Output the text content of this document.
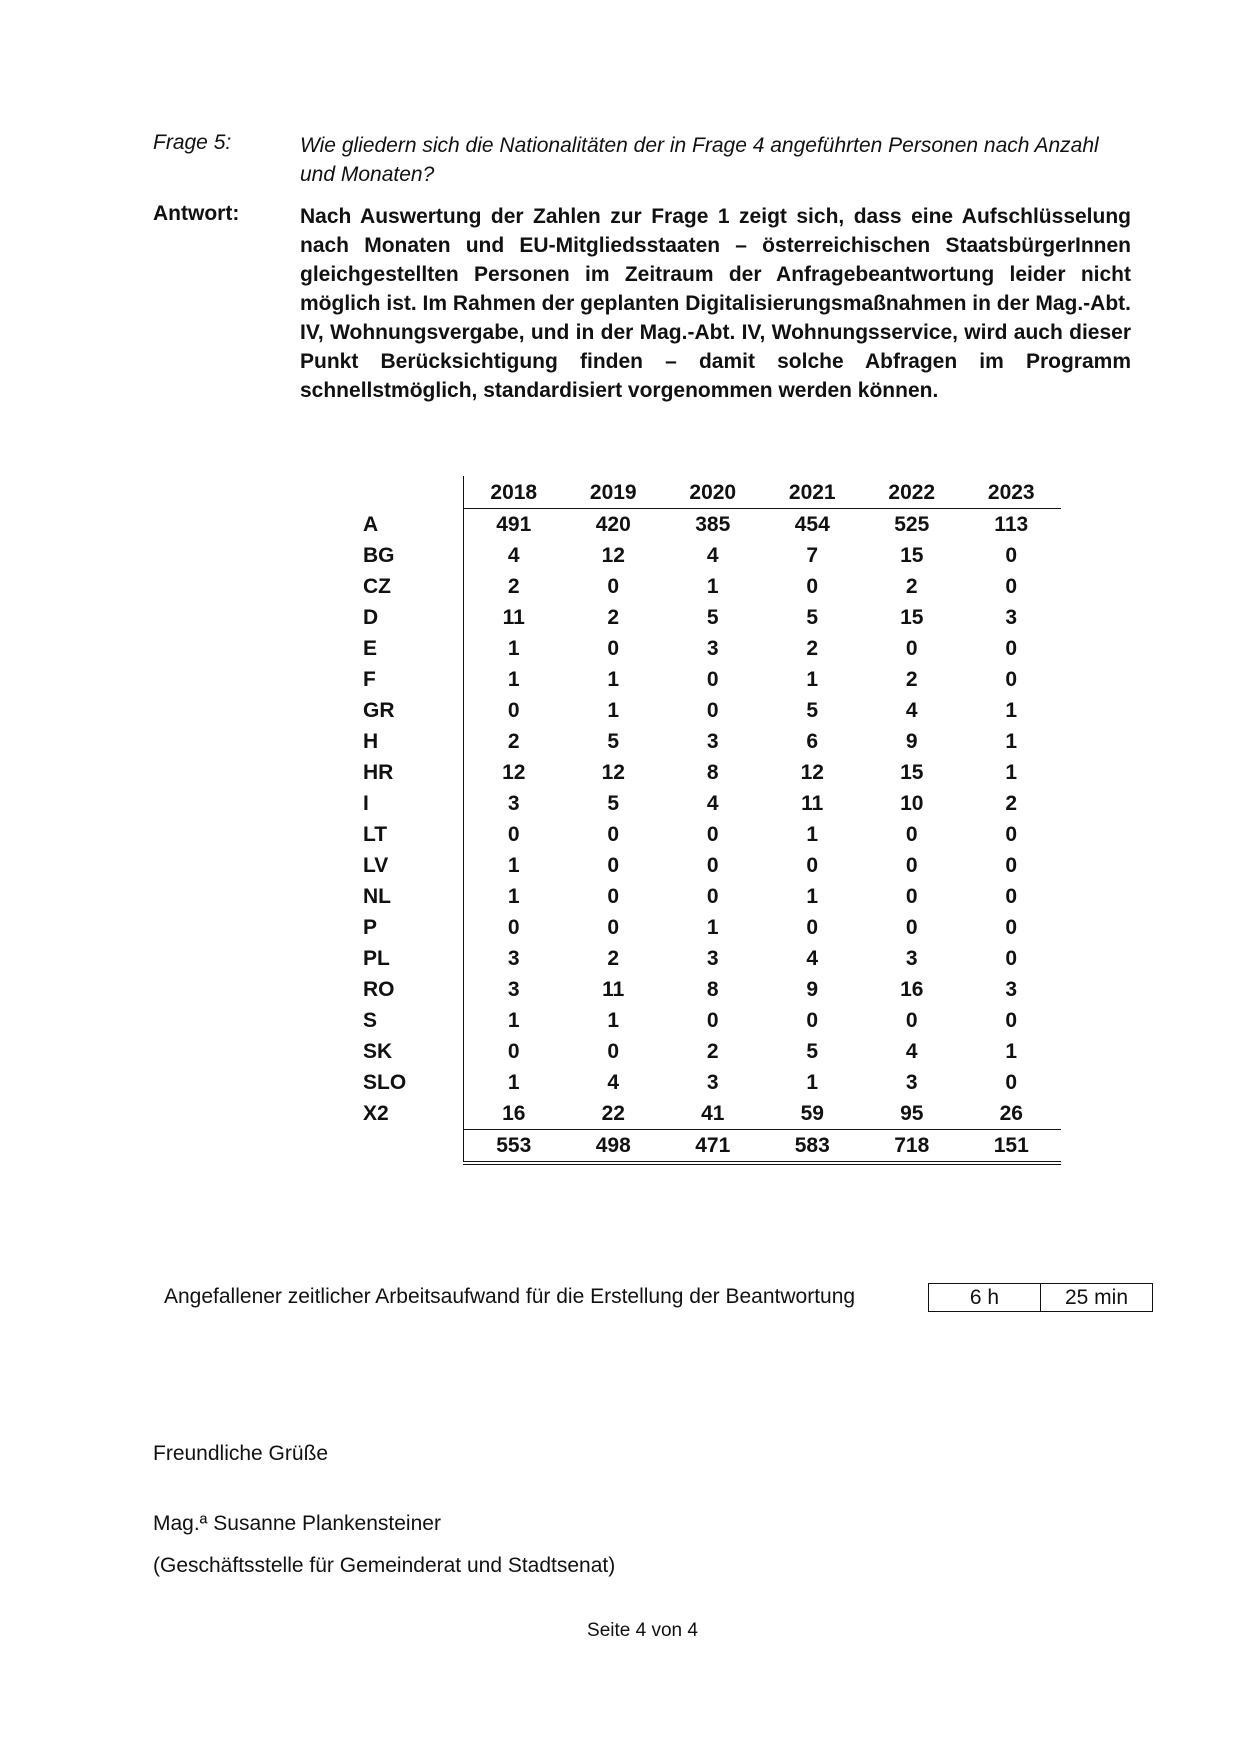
Frage 5:	Wie gliedern sich die Nationalitäten der in Frage 4 angeführten Personen nach Anzahl und Monaten?
Antwort:	Nach Auswertung der Zahlen zur Frage 1 zeigt sich, dass eine Aufschlüsselung nach Monaten und EU-Mitgliedsstaaten – österreichischen StaatsbürgerInnen gleichgestellten Personen im Zeitraum der Anfragebeantwortung leider nicht möglich ist. Im Rahmen der geplanten Digitalisierungsmaßnahmen in der Mag.-Abt. IV, Wohnungsvergabe, und in der Mag.-Abt. IV, Wohnungsservice, wird auch dieser Punkt Berücksichtigung finden – damit solche Abfragen im Programm schnellstmöglich, standardisiert vorgenommen werden können.
	2018	2019	2020	2021	2022	2023
A	491	420	385	454	525	113
BG	4	12	4	7	15	0
CZ	2	0	1	0	2	0
D	11	2	5	5	15	3
E	1	0	3	2	0	0
F	1	1	0	1	2	0
GR	0	1	0	5	4	1
H	2	5	3	6	9	1
HR	12	12	8	12	15	1
I	3	5	4	11	10	2
LT	0	0	0	1	0	0
LV	1	0	0	0	0	0
NL	1	0	0	1	0	0
P	0	0	1	0	0	0
PL	3	2	3	4	3	0
RO	3	11	8	9	16	3
S	1	1	0	0	0	0
SK	0	0	2	5	4	1
SLO	1	4	3	1	3	0
X2	16	22	41	59	95	26
	553	498	471	583	718	151
Angefallener zeitlicher Arbeitsaufwand für die Erstellung der Beantwortung	6 h	25 min
Freundliche Grüße
Mag.ª Susanne Plankensteiner
(Geschäftsstelle für Gemeinderat und Stadtsenat)
Seite 4 von 4
